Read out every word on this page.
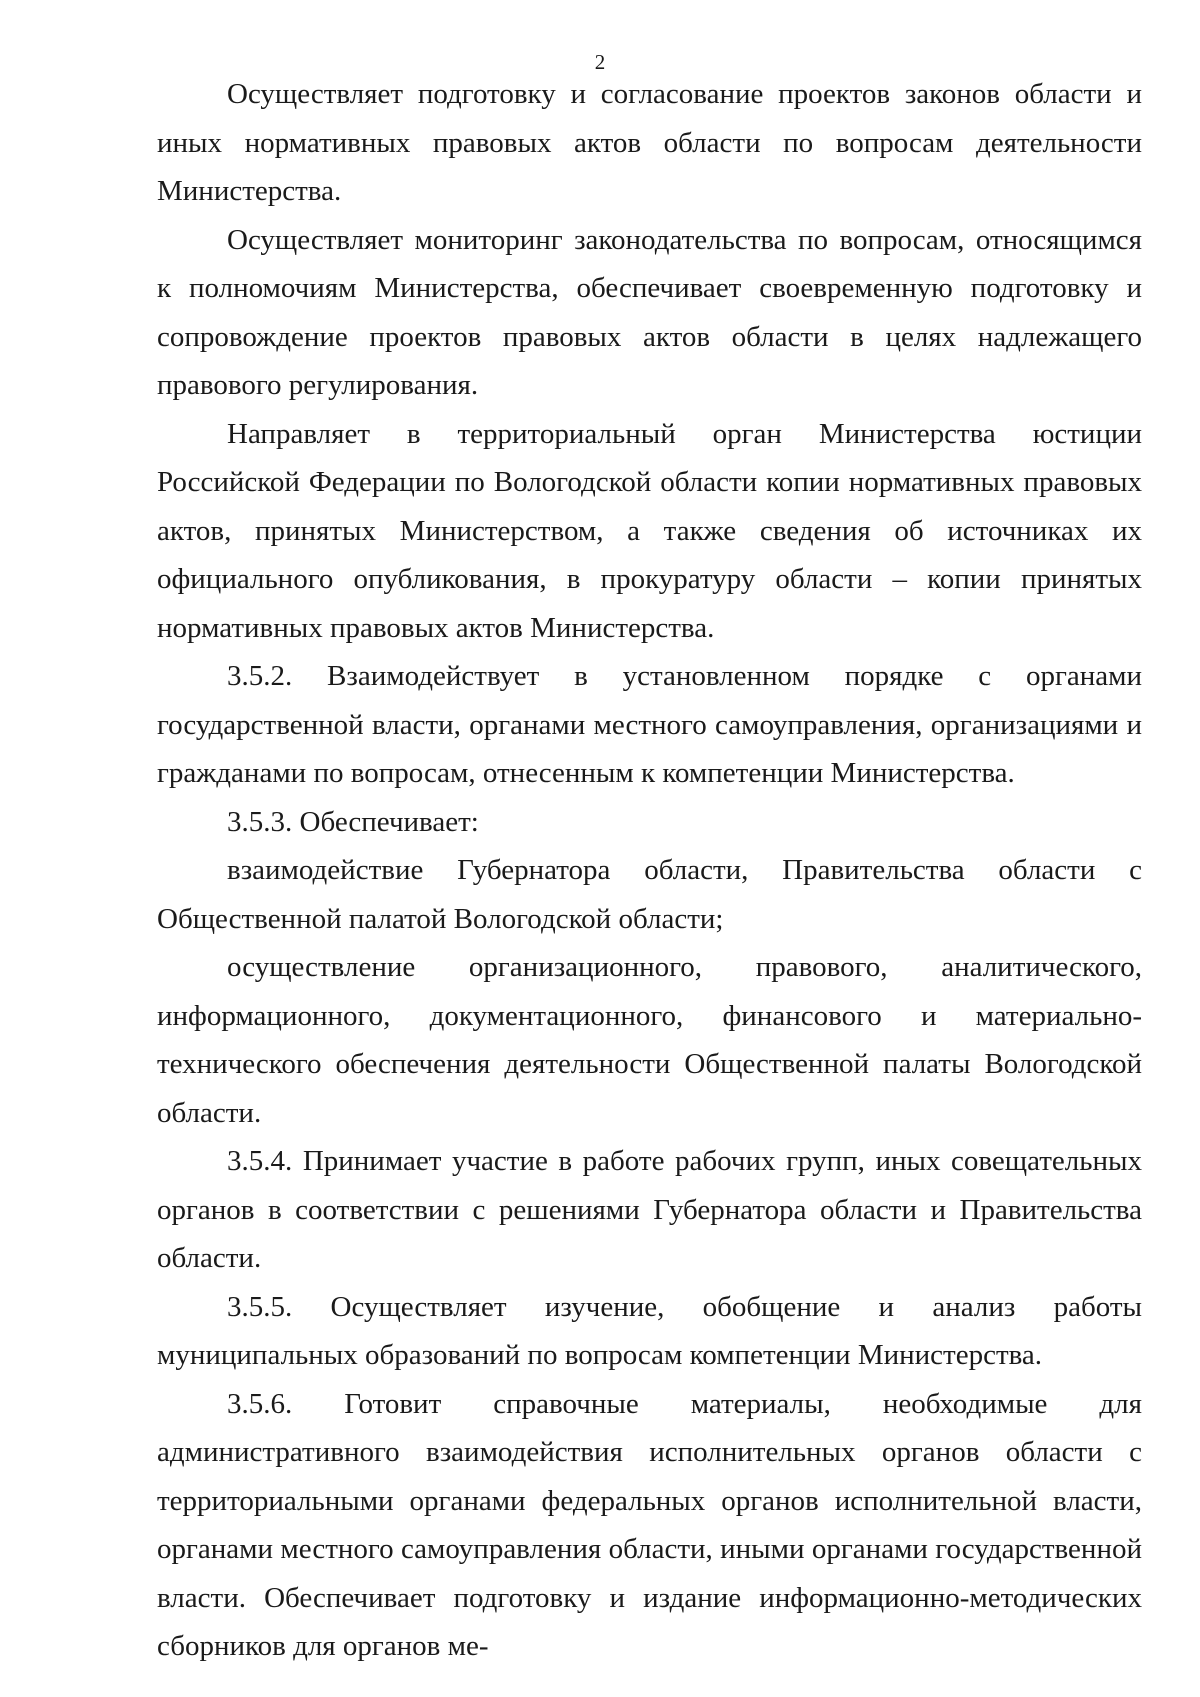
2

Осуществляет подготовку и согласование проектов законов области и иных нормативных правовых актов области по вопросам деятельности Министерства.

Осуществляет мониторинг законодательства по вопросам, относящимся к полномочиям Министерства, обеспечивает своевременную подготовку и сопровождение проектов правовых актов области в целях надлежащего правового регулирования.

Направляет в территориальный орган Министерства юстиции Российской Федерации по Вологодской области копии нормативных правовых актов, принятых Министерством, а также сведения об источниках их официального опубликования, в прокуратуру области – копии принятых нормативных правовых актов Министерства.

3.5.2. Взаимодействует в установленном порядке с органами государственной власти, органами местного самоуправления, организациями и гражданами по вопросам, отнесенным к компетенции Министерства.

3.5.3. Обеспечивает:

взаимодействие Губернатора области, Правительства области с Общественной палатой Вологодской области;

осуществление организационного, правового, аналитического, информационного, документационного, финансового и материально-технического обеспечения деятельности Общественной палаты Вологодской области.

3.5.4. Принимает участие в работе рабочих групп, иных совещательных органов в соответствии с решениями Губернатора области и Правительства области.

3.5.5. Осуществляет изучение, обобщение и анализ работы муниципальных образований по вопросам компетенции Министерства.

3.5.6. Готовит справочные материалы, необходимые для административного взаимодействия исполнительных органов области с территориальными органами федеральных органов исполнительной власти, органами местного самоуправления области, иными органами государственной власти. Обеспечивает подготовку и издание информационно-методических сборников для органов ме-
